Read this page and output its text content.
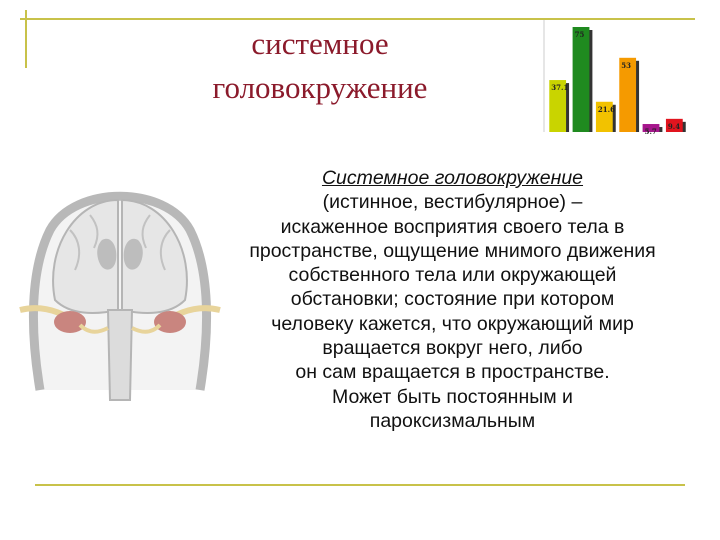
системное
головокружение	37.1
75
21.6
53
5.7
9.4
Системное головокружение
(истинное, вестибулярное) –
искаженное восприятия своего тела в
пространстве, ощущение мнимого движения
собственного тела или окружающей
обстановки; состояние при котором
человеку кажется, что окружающий мир
вращается вокруг него, либо
он сам вращается в пространстве.
Может быть постоянным и
пароксизмальным
